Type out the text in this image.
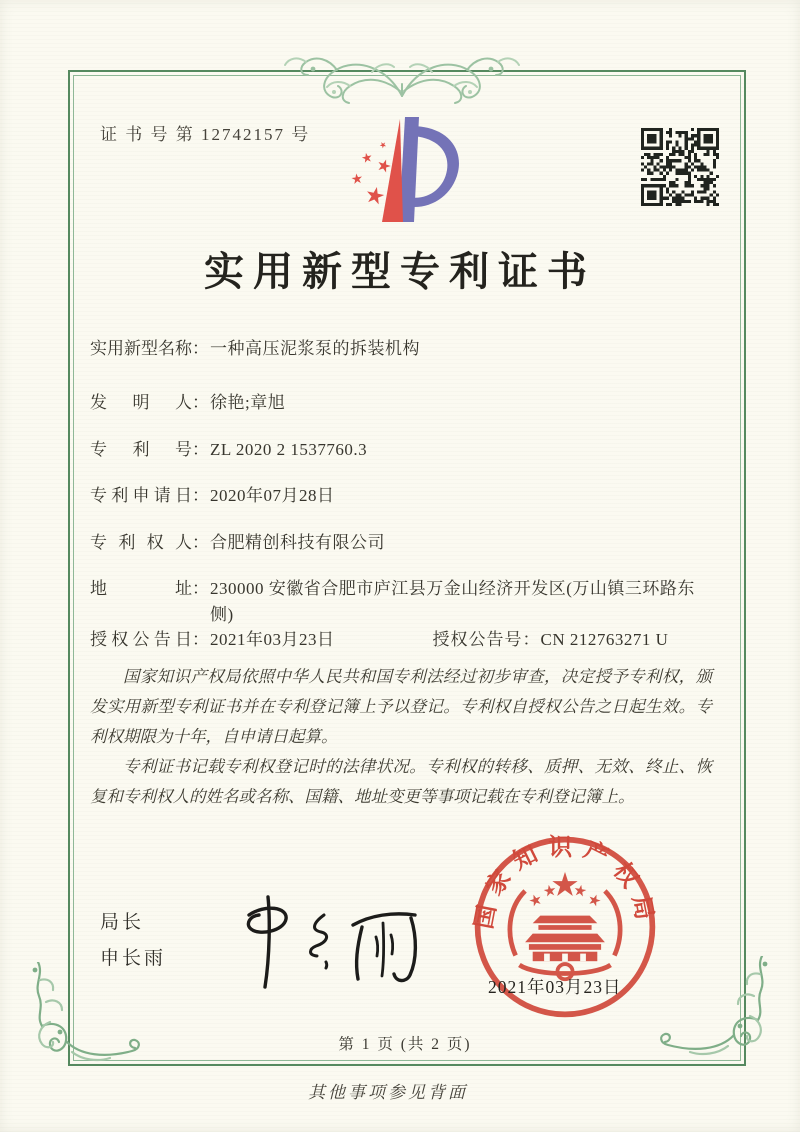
证 书 号 第 12742157 号
实用新型专利证书
实用新型名称 ： 一种高压泥浆泵的拆装机构
发明人 ： 徐艳;章旭
专利号 ： ZL 2020 2 1537760.3
专利申请日 ： 2020年07月28日
专利权人 ： 合肥精创科技有限公司
地址 ： 230000 安徽省合肥市庐江县万金山经济开发区(万山镇三环路东侧)
授权公告日 ： 2021年03月23日	授权公告号 ： CN 212763271 U

国家知识产权局依照中华人民共和国专利法经过初步审查，决定授予专利权，颁发实用新型专利证书并在专利登记簿上予以登记。专利权自授权公告之日起生效。专利权期限为十年，自申请日起算。

专利证书记载专利权登记时的法律状况。专利权的转移、质押、无效、终止、恢复和专利权人的姓名或名称、国籍、地址变更等事项记载在专利登记簿上。

局长
申长雨
国家知识产权局
2021年03月23日
第 1 页 (共 2 页)
其他事项参见背面
